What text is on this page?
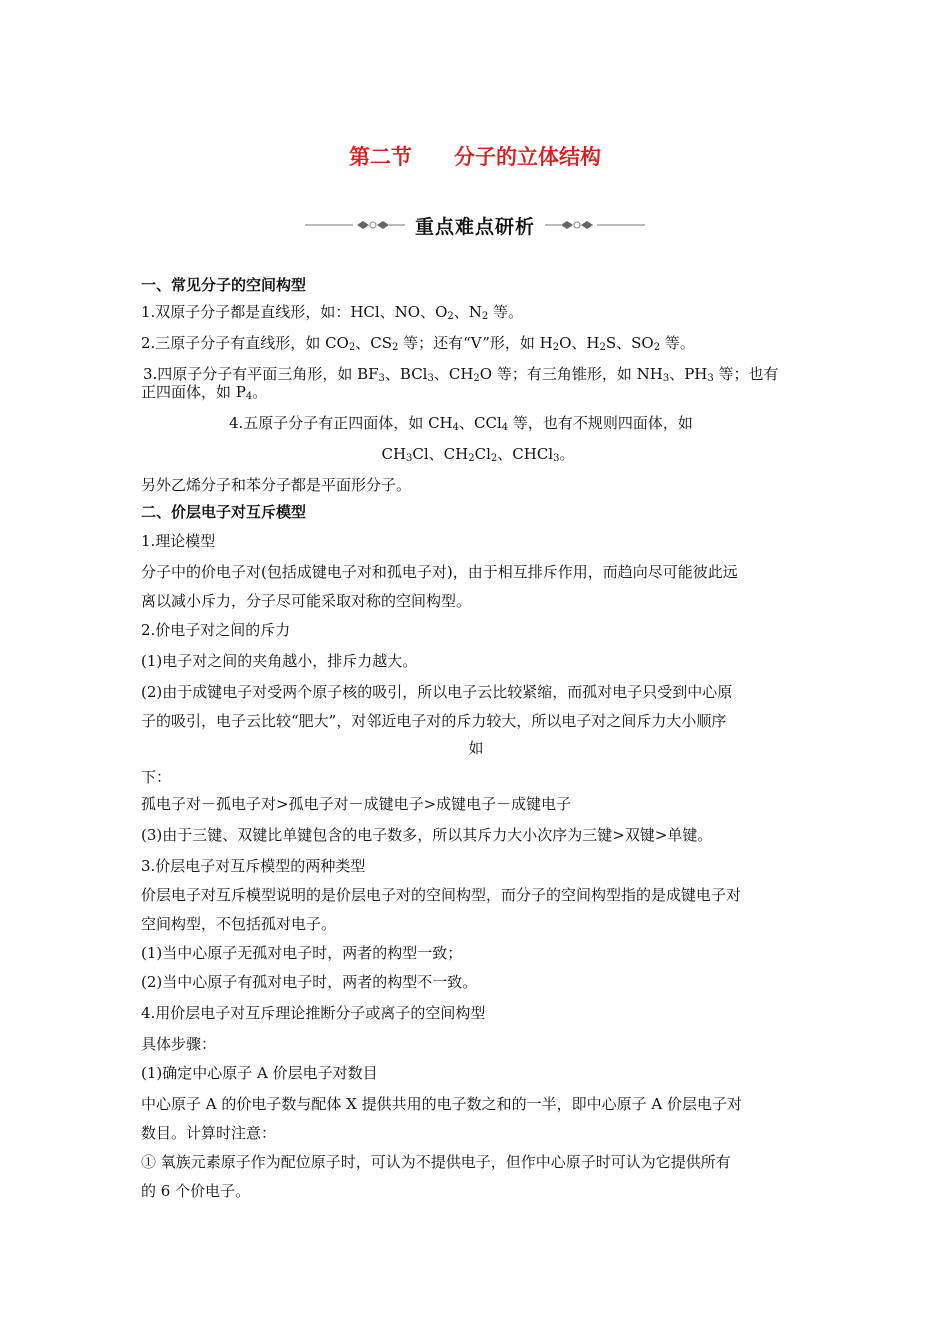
第二节　　分子的立体结构
重点难点研析
一、常见分子的空间构型
1.双原子分子都是直线形，如：HCl、NO、$O_2$、$N_2$ 等。
2.三原子分子有直线形，如 $CO_2$、$CS_2$ 等；还有“V”形，如 $H_2O$、$H_2S$、$SO_2$ 等。
3.四原子分子有平面三角形，如 $BF_3$、BCl$_3$、$CH_2O$ 等；有三角锥形，如 $NH_3$、$PH_3$ 等；也有
正四面体，如 $P_4$。
4.五原子分子有正四面体，如 $CH_4$、CCl$_4$ 等，也有不规则四面体，如
$CH_3Cl$、$CH_2Cl_2$、CHCl$_3$。
另外乙烯分子和苯分子都是平面形分子。
二、价层电子对互斥模型
1.理论模型
分子中的价电子对(包括成键电子对和孤电子对)，由于相互排斥作用，而趋向尽可能彼此远
离以减小斥力，分子尽可能采取对称的空间构型。
2.价电子对之间的斥力
(1)电子对之间的夹角越小，排斥力越大。
(2)由于成键电子对受两个原子核的吸引，所以电子云比较紧缩，而孤对电子只受到中心原
子的吸引，电子云比较“肥大”，对邻近电子对的斥力较大，所以电子对之间斥力大小顺序
如
下：
孤电子对－孤电子对>孤电子对－成键电子>成键电子－成键电子
(3)由于三键、双键比单键包含的电子数多，所以其斥力大小次序为三键>双键>单键。
3.价层电子对互斥模型的两种类型
价层电子对互斥模型说明的是价层电子对的空间构型，而分子的空间构型指的是成键电子对
空间构型，不包括孤对电子。
(1)当中心原子无孤对电子时，两者的构型一致；
(2)当中心原子有孤对电子时，两者的构型不一致。
4.用价层电子对互斥理论推断分子或离子的空间构型
具体步骤：
(1)确定中心原子 A 价层电子对数目
中心原子 A 的价电子数与配体 X 提供共用的电子数之和的一半，即中心原子 A 价层电子对
数目。计算时注意：
① 氧族元素原子作为配位原子时，可认为不提供电子，但作中心原子时可认为它提供所有
的 6 个价电子。
